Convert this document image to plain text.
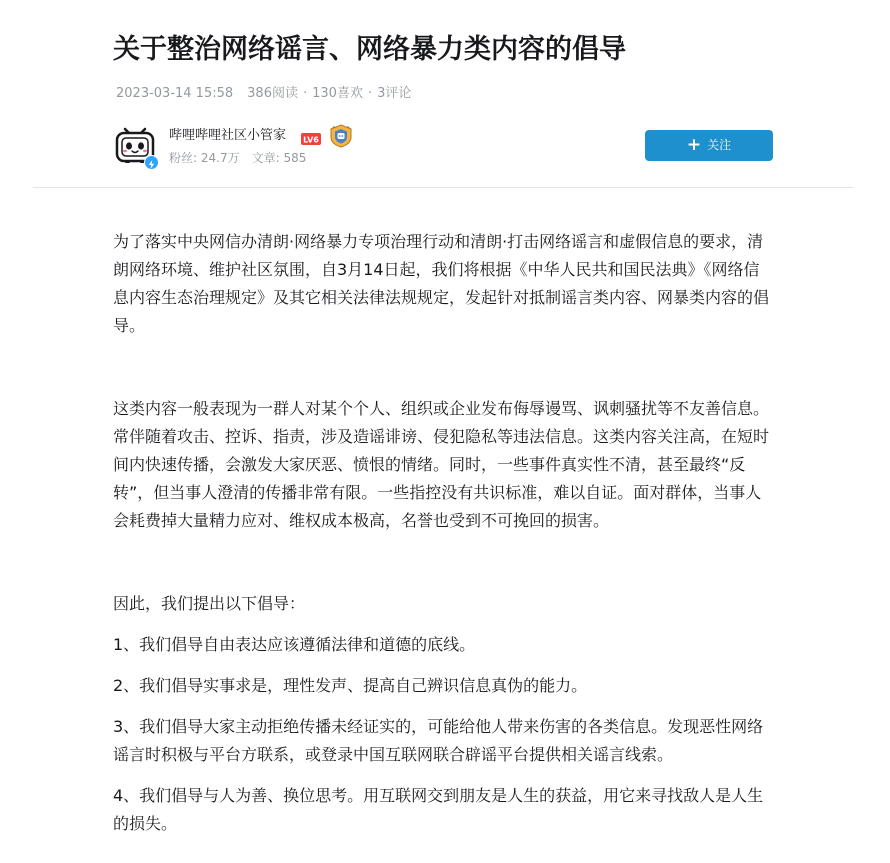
关于整治网络谣言、网络暴力类内容的倡导
2023-03-14 15:58 386阅读 · 130喜欢 · 3评论
哔哩哔哩社区小管家 LV6
粉丝: 24.7万 文章: 585
+ 关注

为了落实中央网信办清朗·网络暴力专项治理行动和清朗·打击网络谣言和虚假信息的要求，清朗网络环境、维护社区氛围，自3月14日起，我们将根据《中华人民共和国民法典》《网络信息内容生态治理规定》及其它相关法律法规规定，发起针对抵制谣言类内容、网暴类内容的倡导。

这类内容一般表现为一群人对某个个人、组织或企业发布侮辱谩骂、讽刺骚扰等不友善信息。常伴随着攻击、控诉、指责，涉及造谣诽谤、侵犯隐私等违法信息。这类内容关注高，在短时间内快速传播，会激发大家厌恶、愤恨的情绪。同时，一些事件真实性不清，甚至最终“反转”，但当事人澄清的传播非常有限。一些指控没有共识标准，难以自证。面对群体，当事人会耗费掉大量精力应对、维权成本极高，名誉也受到不可挽回的损害。

因此，我们提出以下倡导：

1、我们倡导自由表达应该遵循法律和道德的底线。

2、我们倡导实事求是，理性发声、提高自己辨识信息真伪的能力。

3、我们倡导大家主动拒绝传播未经证实的，可能给他人带来伤害的各类信息。发现恶性网络谣言时积极与平台方联系，或登录中国互联网联合辟谣平台提供相关谣言线索。

4、我们倡导与人为善、换位思考。用互联网交到朋友是人生的获益，用它来寻找敌人是人生的损失。
